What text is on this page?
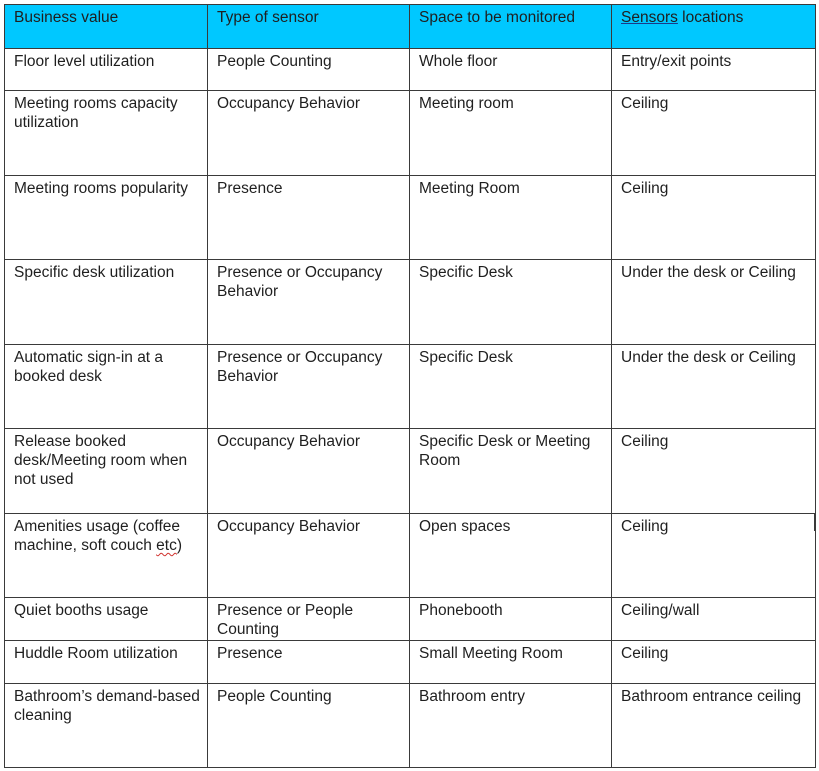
Business value	Type of sensor	Space to be monitored	Sensors locations
Floor level utilization	People Counting	Whole floor	Entry/exit points
Meeting rooms capacity utilization	Occupancy Behavior	Meeting room	Ceiling
Meeting rooms popularity	Presence	Meeting Room	Ceiling
Specific desk utilization	Presence or Occupancy Behavior	Specific Desk	Under the desk or Ceiling
Automatic sign-in at a booked desk	Presence or Occupancy Behavior	Specific Desk	Under the desk or Ceiling
Release booked desk/Meeting room when not used	Occupancy Behavior	Specific Desk or Meeting Room	Ceiling
Amenities usage (coffee machine, soft couch etc)	Occupancy Behavior	Open spaces	Ceiling
Quiet booths usage	Presence or People Counting	Phonebooth	Ceiling/wall
Huddle Room utilization	Presence	Small Meeting Room	Ceiling
Bathroom’s demand-based cleaning	People Counting	Bathroom entry	Bathroom entrance ceiling
